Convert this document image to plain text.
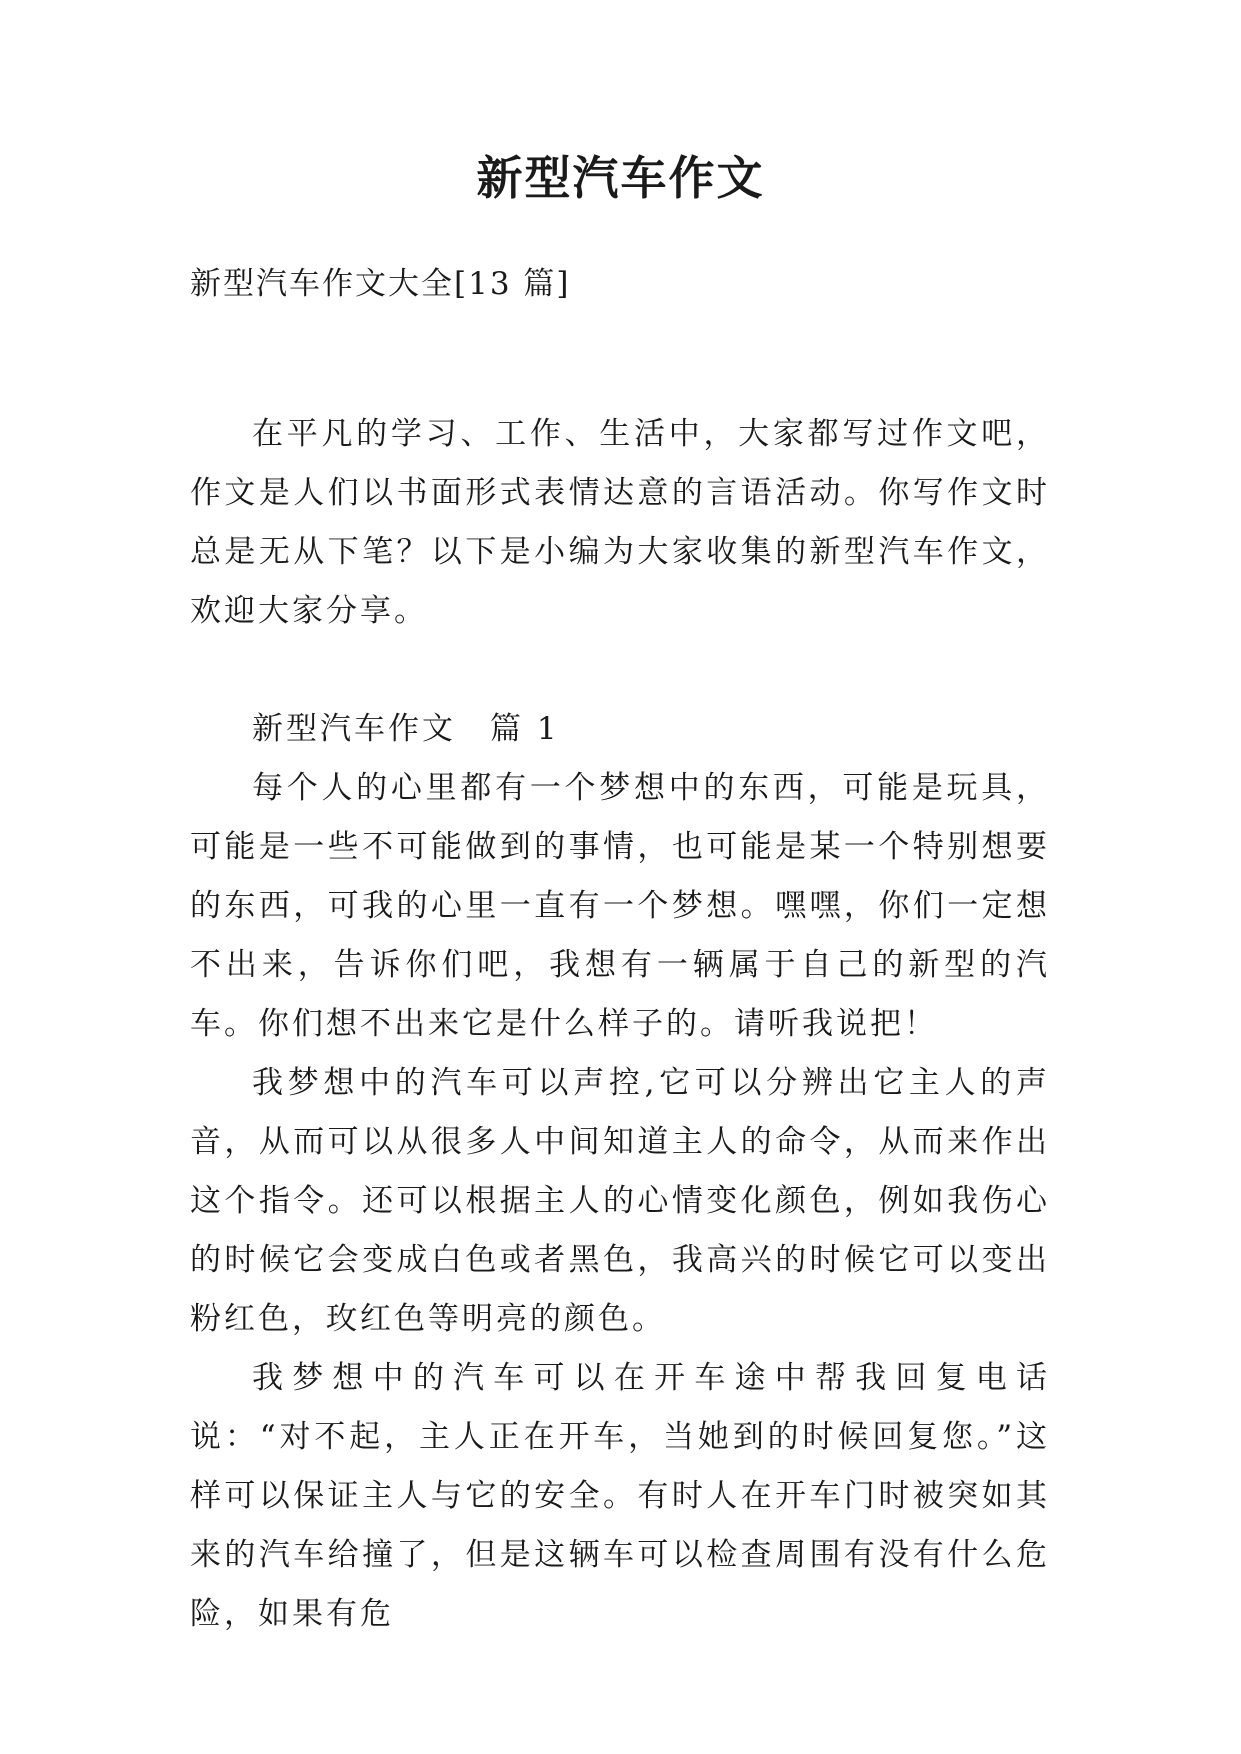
新型汽车作文

新型汽车作文大全[13 篇]

在平凡的学习、工作、生活中，大家都写过作文吧，作文是人们以书面形式表情达意的言语活动。你写作文时总是无从下笔？以下是小编为大家收集的新型汽车作文，欢迎大家分享。

新型汽车作文　篇 1

每个人的心里都有一个梦想中的东西，可能是玩具，可能是一些不可能做到的事情，也可能是某一个特别想要的东西，可我的心里一直有一个梦想。嘿嘿，你们一定想不出来，告诉你们吧，我想有一辆属于自己的新型的汽车。你们想不出来它是什么样子的。请听我说把！

我梦想中的汽车可以声控,它可以分辨出它主人的声音，从而可以从很多人中间知道主人的命令，从而来作出这个指令。还可以根据主人的心情变化颜色，例如我伤心的时候它会变成白色或者黑色，我高兴的时候它可以变出粉红色，玫红色等明亮的颜色。

我梦想中的汽车可以在开车途中帮我回复电话说：“对不起，主人正在开车，当她到的时候回复您。”这样可以保证主人与它的安全。有时人在开车门时被突如其来的汽车给撞了，但是这辆车可以检查周围有没有什么危险，如果有危
